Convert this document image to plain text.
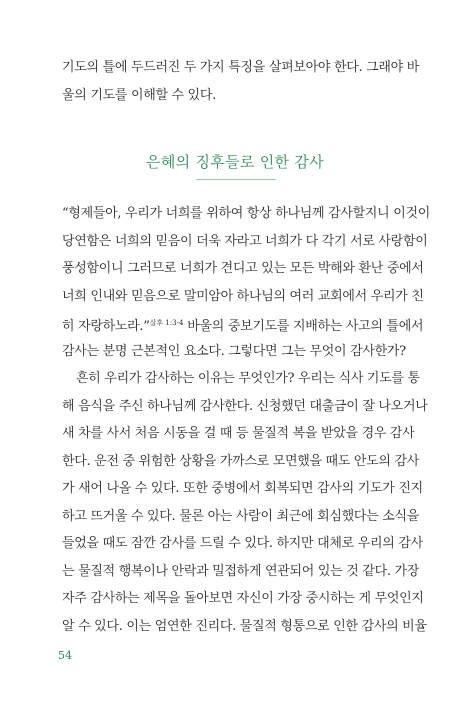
기도의 틀에 두드러진 두 가지 특징을 살펴보아야 한다. 그래야 바
울의 기도를 이해할 수 있다.
은혜의 징후들로 인한 감사
“형제들아, 우리가 너희를 위하여 항상 하나님께 감사할지니 이것이
당연함은 너희의 믿음이 더욱 자라고 너희가 다 각기 서로 사랑함이
풍성함이니 그러므로 너희가 견디고 있는 모든 박해와 환난 중에서
너희 인내와 믿음으로 말미암아 하나님의 여러 교회에서 우리가 친
히 자랑하노라.”$^{살후 1:3-4}$ 바울의 중보기도를 지배하는 사고의 틀에서
감사는 분명 근본적인 요소다. 그렇다면 그는 무엇이 감사한가?
흔히 우리가 감사하는 이유는 무엇인가? 우리는 식사 기도를 통
해 음식을 주신 하나님께 감사한다. 신청했던 대출금이 잘 나오거나
새 차를 사서 처음 시동을 걸 때 등 물질적 복을 받았을 경우 감사
한다. 운전 중 위험한 상황을 가까스로 모면했을 때도 안도의 감사
가 새어 나올 수 있다. 또한 중병에서 회복되면 감사의 기도가 진지
하고 뜨거울 수 있다. 물론 아는 사람이 최근에 회심했다는 소식을
들었을 때도 잠깐 감사를 드릴 수 있다. 하지만 대체로 우리의 감사
는 물질적 행복이나 안락과 밀접하게 연관되어 있는 것 같다. 가장
자주 감사하는 제목을 돌아보면 자신이 가장 중시하는 게 무엇인지
알 수 있다. 이는 엄연한 진리다. 물질적 형통으로 인한 감사의 비율
54
